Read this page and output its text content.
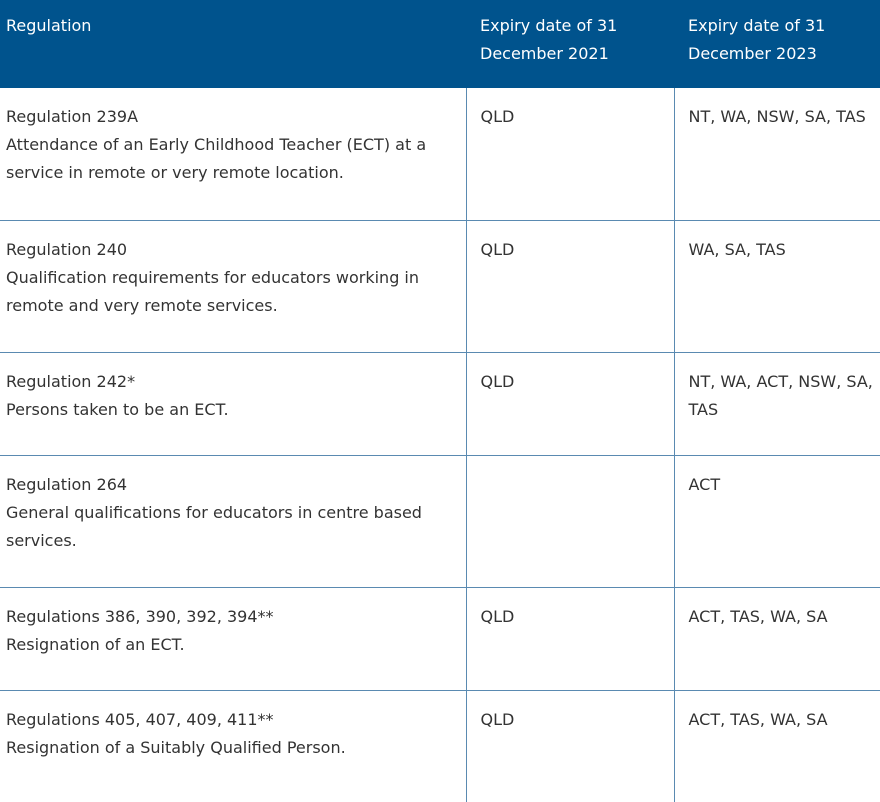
Regulation	Expiry date of 31 December 2021	Expiry date of 31 December 2023

Regulation 239A
Attendance of an Early Childhood Teacher (ECT) at a service in remote or very remote location.	QLD	NT, WA, NSW, SA, TAS

Regulation 240
Qualification requirements for educators working in remote and very remote services.	QLD	WA, SA, TAS

Regulation 242*
Persons taken to be an ECT.	QLD	NT, WA, ACT, NSW, SA, TAS

Regulation 264
General qualifications for educators in centre based services.		ACT

Regulations 386, 390, 392, 394**
Resignation of an ECT.	QLD	ACT, TAS, WA, SA

Regulations 405, 407, 409, 411**
Resignation of a Suitably Qualified Person.	QLD	ACT, TAS, WA, SA
